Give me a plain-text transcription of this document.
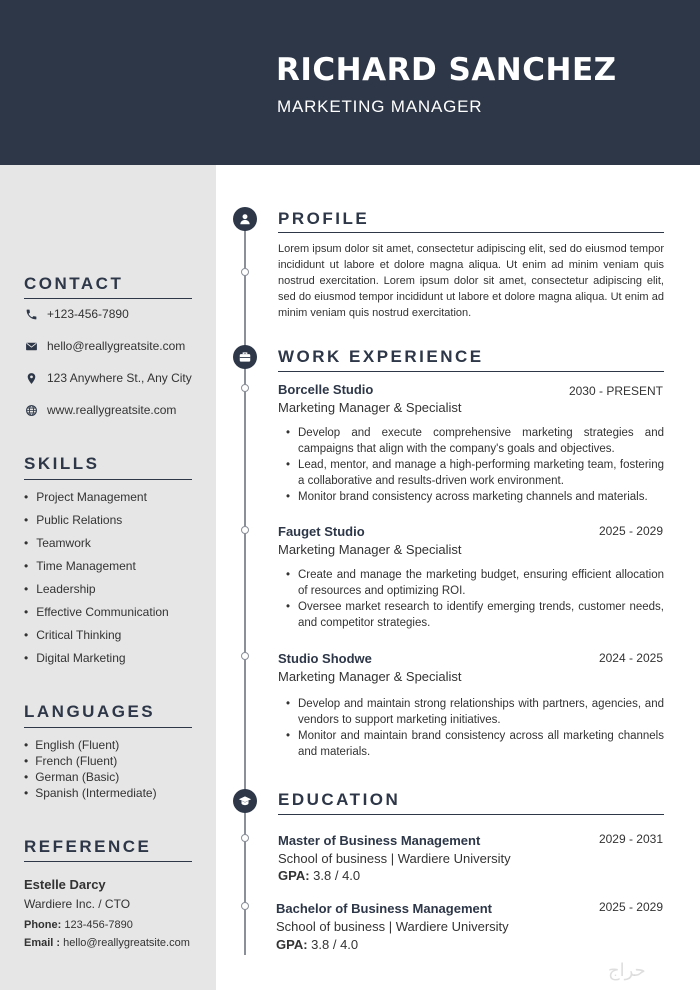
RICHARD SANCHEZ
MARKETING MANAGER
CONTACT
+123-456-7890
hello@reallygreatsite.com
123 Anywhere St., Any City
www.reallygreatsite.com
SKILLS
• Project Management
• Public Relations
• Teamwork
• Time Management
• Leadership
• Effective Communication
• Critical Thinking
• Digital Marketing
LANGUAGES
• English (Fluent)
• French (Fluent)
• German (Basic)
• Spanish (Intermediate)
REFERENCE
Estelle Darcy
Wardiere Inc. / CTO
Phone: 123-456-7890
Email : hello@reallygreatsite.com
PROFILE
Lorem ipsum dolor sit amet, consectetur adipiscing elit, sed do eiusmod tempor incididunt ut labore et dolore magna aliqua. Ut enim ad minim veniam quis nostrud exercitation. Lorem ipsum dolor sit amet, consectetur adipiscing elit, sed do eiusmod tempor incididunt ut labore et dolore magna aliqua. Ut enim ad minim veniam quis nostrud exercitation.
WORK EXPERIENCE
Borcelle Studio	2030 - PRESENT
Marketing Manager & Specialist
• Develop and execute comprehensive marketing strategies and campaigns that align with the company's goals and objectives.
• Lead, mentor, and manage a high-performing marketing team, fostering a collaborative and results-driven work environment.
• Monitor brand consistency across marketing channels and materials.
Fauget Studio	2025 - 2029
Marketing Manager & Specialist
• Create and manage the marketing budget, ensuring efficient allocation of resources and optimizing ROI.
• Oversee market research to identify emerging trends, customer needs, and competitor strategies.
Studio Shodwe	2024 - 2025
Marketing Manager & Specialist
• Develop and maintain strong relationships with partners, agencies, and vendors to support marketing initiatives.
• Monitor and maintain brand consistency across all marketing channels and materials.
EDUCATION
Master of Business Management	2029 - 2031
School of business | Wardiere University
GPA: 3.8 / 4.0
Bachelor of Business Management	2025 - 2029
School of business | Wardiere University
GPA: 3.8 / 4.0
حراج
